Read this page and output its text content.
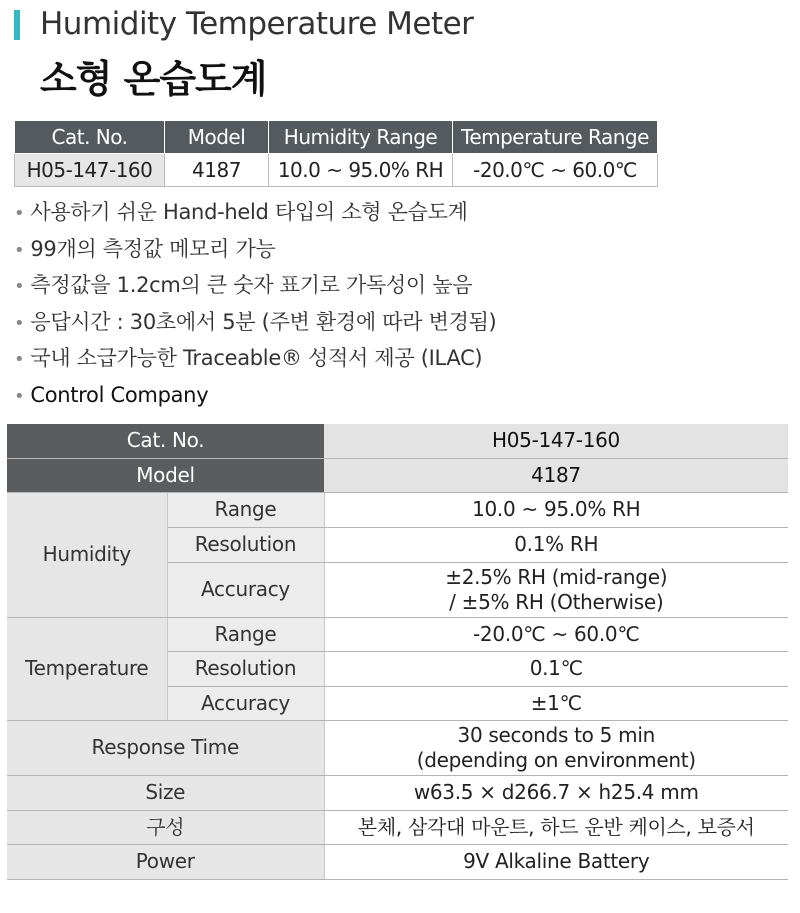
Humidity Temperature Meter
소형 온습도계
Cat. No.	Model	Humidity Range	Temperature Range
H05-147-160	4187	10.0 ~ 95.0% RH	-20.0℃ ~ 60.0℃
• 사용하기 쉬운 Hand-held 타입의 소형 온습도계
• 99개의 측정값 메모리 가능
• 측정값을 1.2cm의 큰 숫자 표기로 가독성이 높음
• 응답시간 : 30초에서 5분 (주변 환경에 따라 변경됨)
• 국내 소급가능한 Traceable® 성적서 제공 (ILAC)
• Control Company
Cat. No.		H05-147-160
Model		4187
Humidity	Range	10.0 ~ 95.0% RH
	Resolution	0.1% RH
	Accuracy	±2.5% RH (mid-range)
/ ±5% RH (Otherwise)

Temperature	Range	-20.0℃ ~ 60.0℃
	Resolution	0.1℃
	Accuracy	±1℃
Response Time		30 seconds to 5 min
(depending on environment)

Size		w63.5 × d266.7 × h25.4 mm
구성		본체, 삼각대 마운트, 하드 운반 케이스, 보증서
Power		9V Alkaline Battery
